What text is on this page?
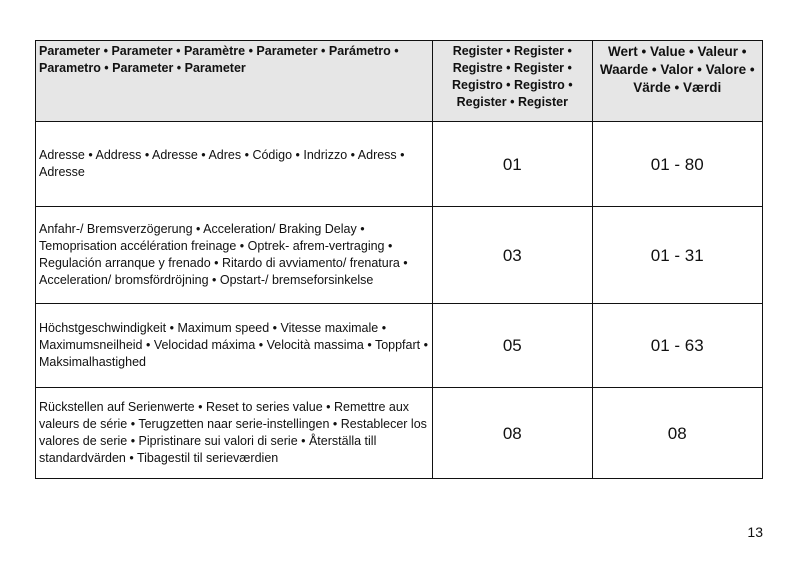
Parameter • Parameter • Paramètre • Parameter • Parámetro • Parametro • Parameter • Parameter	Register • Register • Registre • Register • Registro • Registro • Register • Register	Wert • Value • Valeur • Waarde • Valor • Valore • Värde • Værdi
Adresse • Address • Adresse • Adres • Código • Indrizzo • Adress • Adresse	01	01 - 80
Anfahr-/ Bremsverzögerung • Acceleration/ Braking Delay • Temoprisation accélération freinage • Optrek- afrem-vertraging • Regulación arranque y frenado • Ritardo di avviamento/ frenatura • Acceleration/ bromsfördröjning • Opstart-/ bremseforsinkelse	03	01 - 31
Höchstgeschwindigkeit • Maximum speed • Vitesse maximale • Maximumsneilheid • Velocidad máxima • Velocità massima • Toppfart • Maksimalhastighed	05	01 - 63
Rückstellen auf Serienwerte • Reset to series value • Remettre aux valeurs de série • Terugzetten naar serie-instellingen • Restablecer los valores de serie • Pipristinare sui valori di serie • Återställa till standardvärden • Tibagestil til serieværdien	08	08
13
